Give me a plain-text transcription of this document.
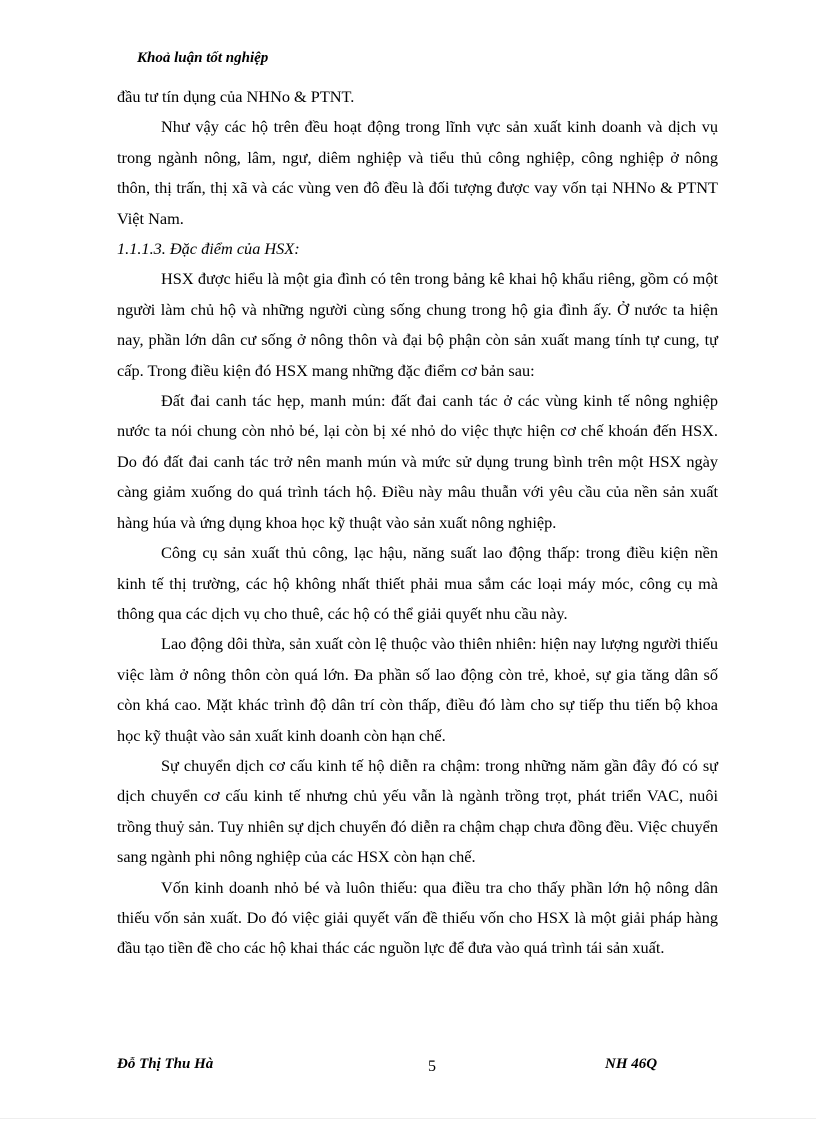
Khoả luận tốt nghiệp

đầu tư tín dụng của NHNo & PTNT.

Như vậy các hộ trên đều hoạt động trong lĩnh vực sản xuất kinh doanh và dịch vụ trong ngành nông, lâm, ngư, diêm nghiệp và tiểu thủ công nghiệp, công nghiệp ở nông thôn, thị trấn, thị xã và các vùng ven đô đều là đối tượng được vay vốn tại NHNo & PTNT Việt Nam.

1.1.1.3. Đặc điểm của HSX:

HSX được hiểu là một gia đình có tên trong bảng kê khai hộ khẩu riêng, gồm có một người làm chủ hộ và những người cùng sống chung trong hộ gia đình ấy. Ở nước ta hiện nay, phần lớn dân cư sống ở nông thôn và đại bộ phận còn sản xuất mang tính tự cung, tự cấp. Trong điều kiện đó HSX mang những đặc điểm cơ bản sau:

Đất đai canh tác hẹp, manh mún: đất đai canh tác ở các vùng kinh tế nông nghiệp nước ta nói chung còn nhỏ bé, lại còn bị xé nhỏ do việc thực hiện cơ chế khoán đến HSX. Do đó đất đai canh tác trở nên manh mún và mức sử dụng trung bình trên một HSX ngày càng giảm xuống do quá trình tách hộ. Điều này mâu thuẫn với yêu cầu của nền sản xuất hàng húa và ứng dụng khoa học kỹ thuật vào sản xuất nông nghiệp.

Công cụ sản xuất thủ công, lạc hậu, năng suất lao động thấp: trong điều kiện nền kinh tế thị trường, các hộ không nhất thiết phải mua sắm các loại máy móc, công cụ mà thông qua các dịch vụ cho thuê, các hộ có thể giải quyết nhu cầu này.

Lao động dôi thừa, sản xuất còn lệ thuộc vào thiên nhiên: hiện nay lượng người thiếu việc làm ở nông thôn còn quá lớn. Đa phần số lao động còn trẻ, khoẻ, sự gia tăng dân số còn khá cao. Mặt khác trình độ dân trí còn thấp, điều đó làm cho sự tiếp thu tiến bộ khoa học kỹ thuật vào sản xuất kinh doanh còn hạn chế.

Sự chuyển dịch cơ cấu kinh tế hộ diễn ra chậm: trong những năm gần đây đó có sự dịch chuyển cơ cấu kinh tế nhưng chủ yếu vẫn là ngành trồng trọt, phát triển VAC, nuôi trồng thuỷ sản. Tuy nhiên sự dịch chuyển đó diễn ra chậm chạp chưa đồng đều. Việc chuyển sang ngành phi nông nghiệp của các HSX còn hạn chế.

Vốn kinh doanh nhỏ bé và luôn thiếu: qua điều tra cho thấy phần lớn hộ nông dân thiếu vốn sản xuất. Do đó việc giải quyết vấn đề thiếu vốn cho HSX là một giải pháp hàng đầu tạo tiền đề cho các hộ khai thác các nguồn lực để đưa vào quá trình tái sản xuất.

Đỗ Thị Thu Hà	5	NH 46Q
